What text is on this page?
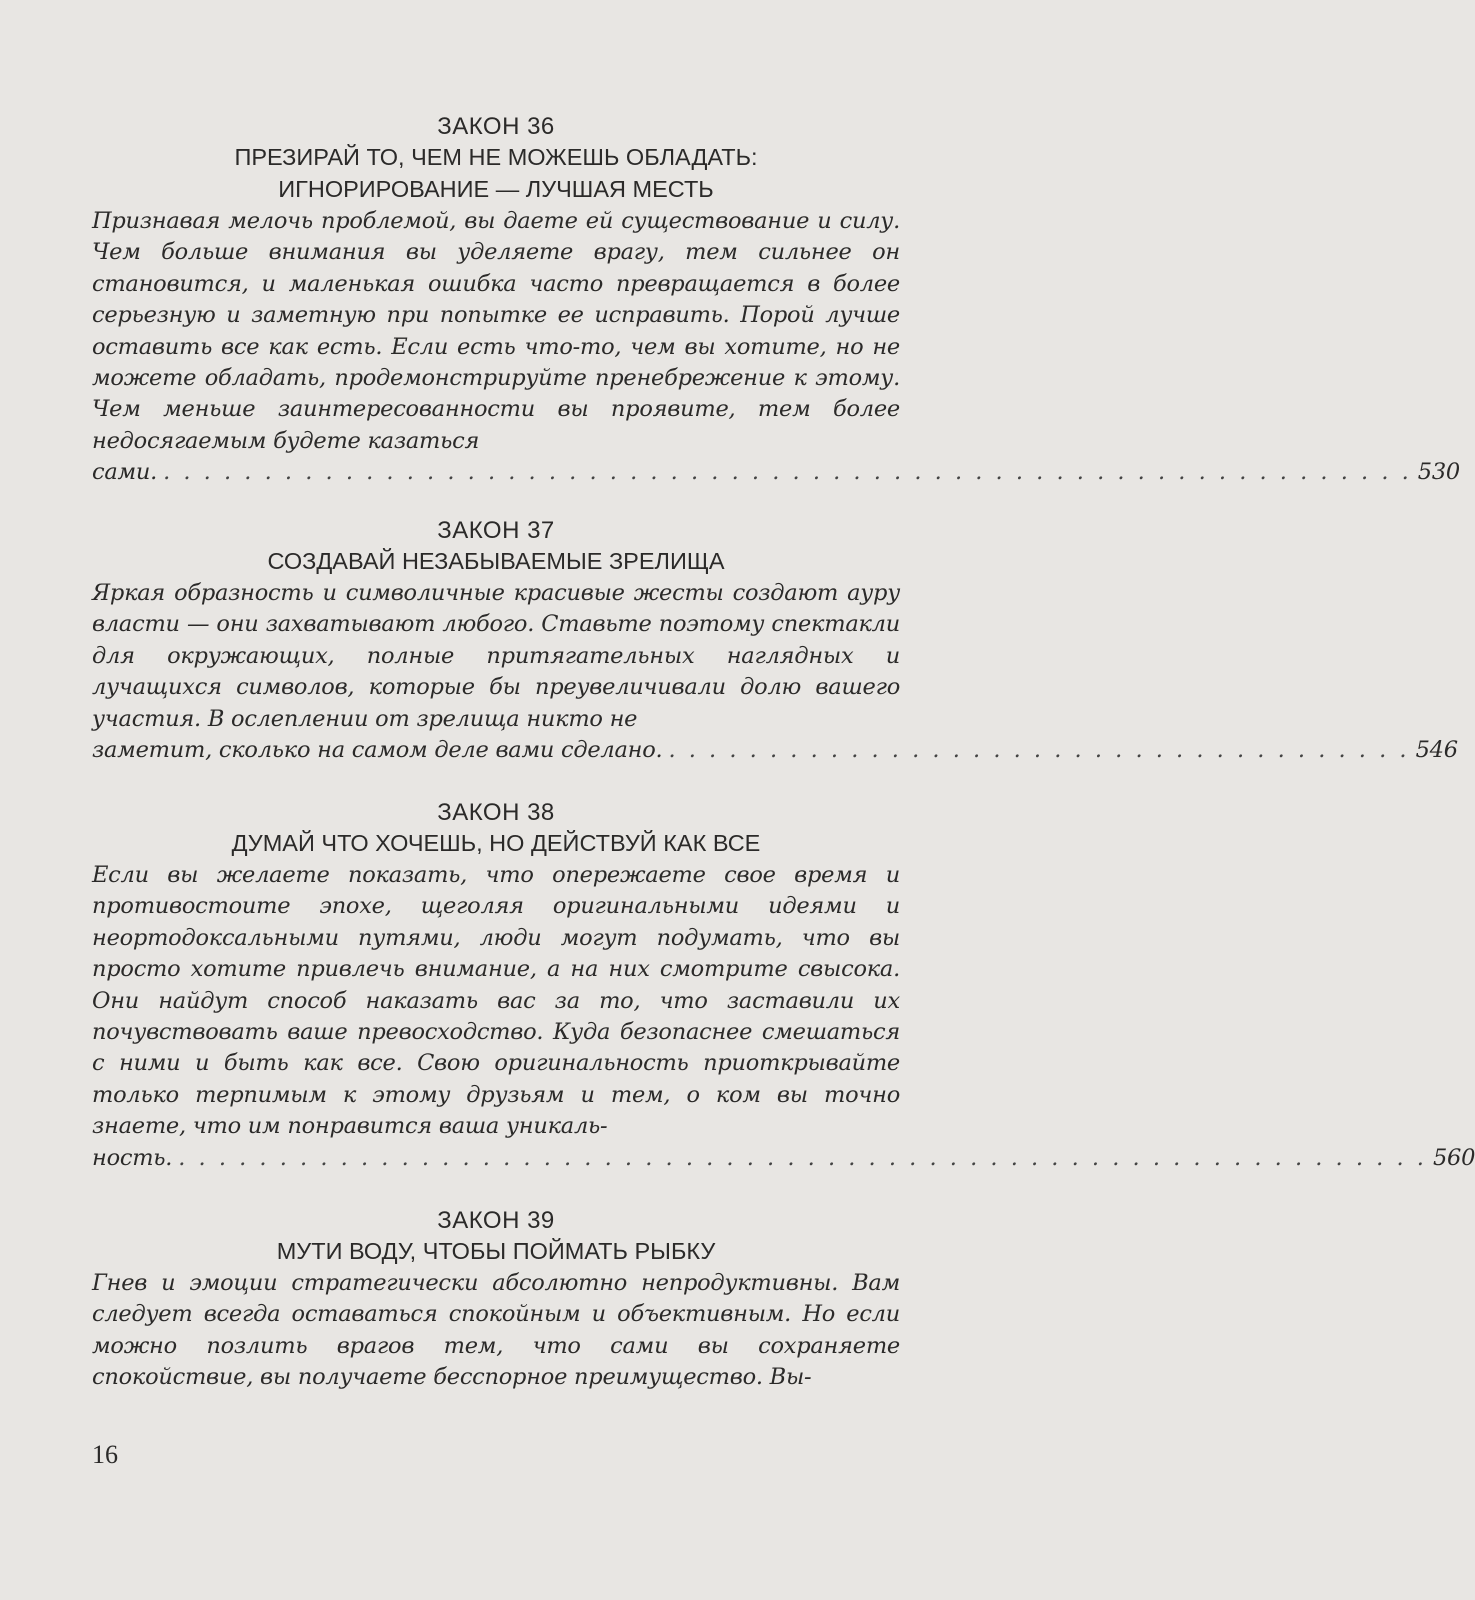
ЗАКОН 36

ПРЕЗИРАЙ ТО, ЧЕМ НЕ МОЖЕШЬ ОБЛАДАТЬ:

ИГНОРИРОВАНИЕ — ЛУЧШАЯ МЕСТЬ

Признавая мелочь проблемой, вы даете ей существование и силу. Чем больше внимания вы уделяете врагу, тем сильнее он становится, и маленькая ошибка часто превращается в более серьезную и заметную при попытке ее исправить. Порой лучше оставить все как есть. Если есть что-то, чем вы хотите, но не можете обладать, продемонстрируйте пренебрежение к этому. Чем меньше заинтересованности вы проявите, тем более недосягаемым будете казаться

сами. . . . . . . . . . . . . . . . . . . . . . . . . . . . . . . . . . . . . . . . . . . . . . . . . . . . . . . . . . . . . . . 530

ЗАКОН 37

СОЗДАВАЙ НЕЗАБЫВАЕМЫЕ ЗРЕЛИЩА

Яркая образность и символичные красивые жесты создают ауру власти — они захватывают любого. Ставьте поэтому спектакли для окружающих, полные притягательных наглядных и лучащихся символов, которые бы преувеличивали долю вашего участия. В ослеплении от зрелища никто не

заметит, сколько на самом деле вами сделано. . . . . . . . . . . . . . . . . . . . . . . . . . . . . . . . . . . . . . 546

ЗАКОН 38

ДУМАЙ ЧТО ХОЧЕШЬ, НО ДЕЙСТВУЙ КАК ВСЕ

Если вы желаете показать, что опережаете свое время и противостоите эпохе, щеголяя оригинальными идеями и неортодоксальными путями, люди могут подумать, что вы просто хотите привлечь внимание, а на них смотрите свысока. Они найдут способ наказать вас за то, что заставили их почувствовать ваше превосходство. Куда безопаснее смешаться с ними и быть как все. Свою оригинальность приоткрывайте только терпимым к этому друзьям и тем, о ком вы точно знаете, что им понравится ваша уникаль-

ность. . . . . . . . . . . . . . . . . . . . . . . . . . . . . . . . . . . . . . . . . . . . . . . . . . . . . . . . . . . . . . . 560

ЗАКОН 39

МУТИ ВОДУ, ЧТОБЫ ПОЙМАТЬ РЫБКУ

Гнев и эмоции стратегически абсолютно непродуктивны. Вам следует всегда оставаться спокойным и объективным. Но если можно позлить врагов тем, что сами вы сохраняете спокойствие, вы получаете бесспорное преимущество. Вы-

16
